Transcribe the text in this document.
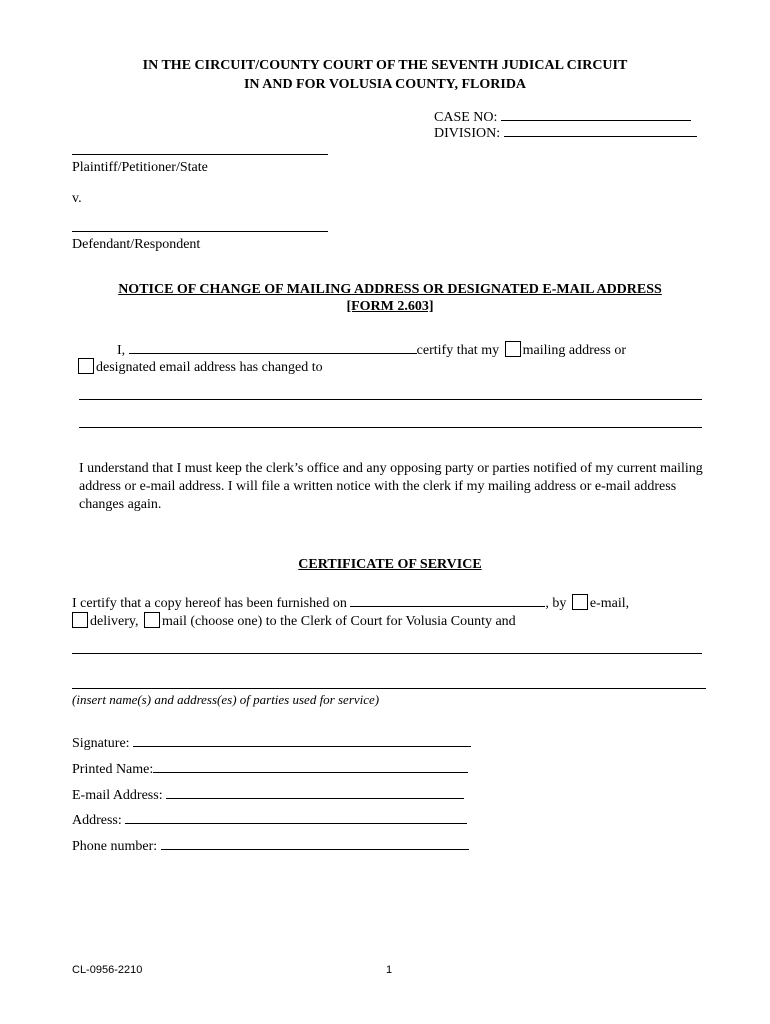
IN THE CIRCUIT/COUNTY COURT OF THE SEVENTH JUDICAL CIRCUIT
IN AND FOR VOLUSIA COUNTY, FLORIDA
CASE NO:
DIVISION:
Plaintiff/Petitioner/State
v.
Defendant/Respondent
NOTICE OF CHANGE OF MAILING ADDRESS OR DESIGNATED E-MAIL ADDRESS
[FORM 2.603]
I,	certify that my mailing address or
designated email address has changed to
I understand that I must keep the clerk’s office and any opposing party or parties notified of my current mailing address or e-mail address. I will file a written notice with the clerk if my mailing address or e-mail address changes again.
CERTIFICATE OF SERVICE
I certify that a copy hereof has been furnished on	, by e-mail,
delivery, mail (choose one) to the Clerk of Court for Volusia County and
(insert name(s) and address(es) of parties used for service)
Signature:
Printed Name:
E-mail Address:
Address:
Phone number:
CL-0956-2210	1
